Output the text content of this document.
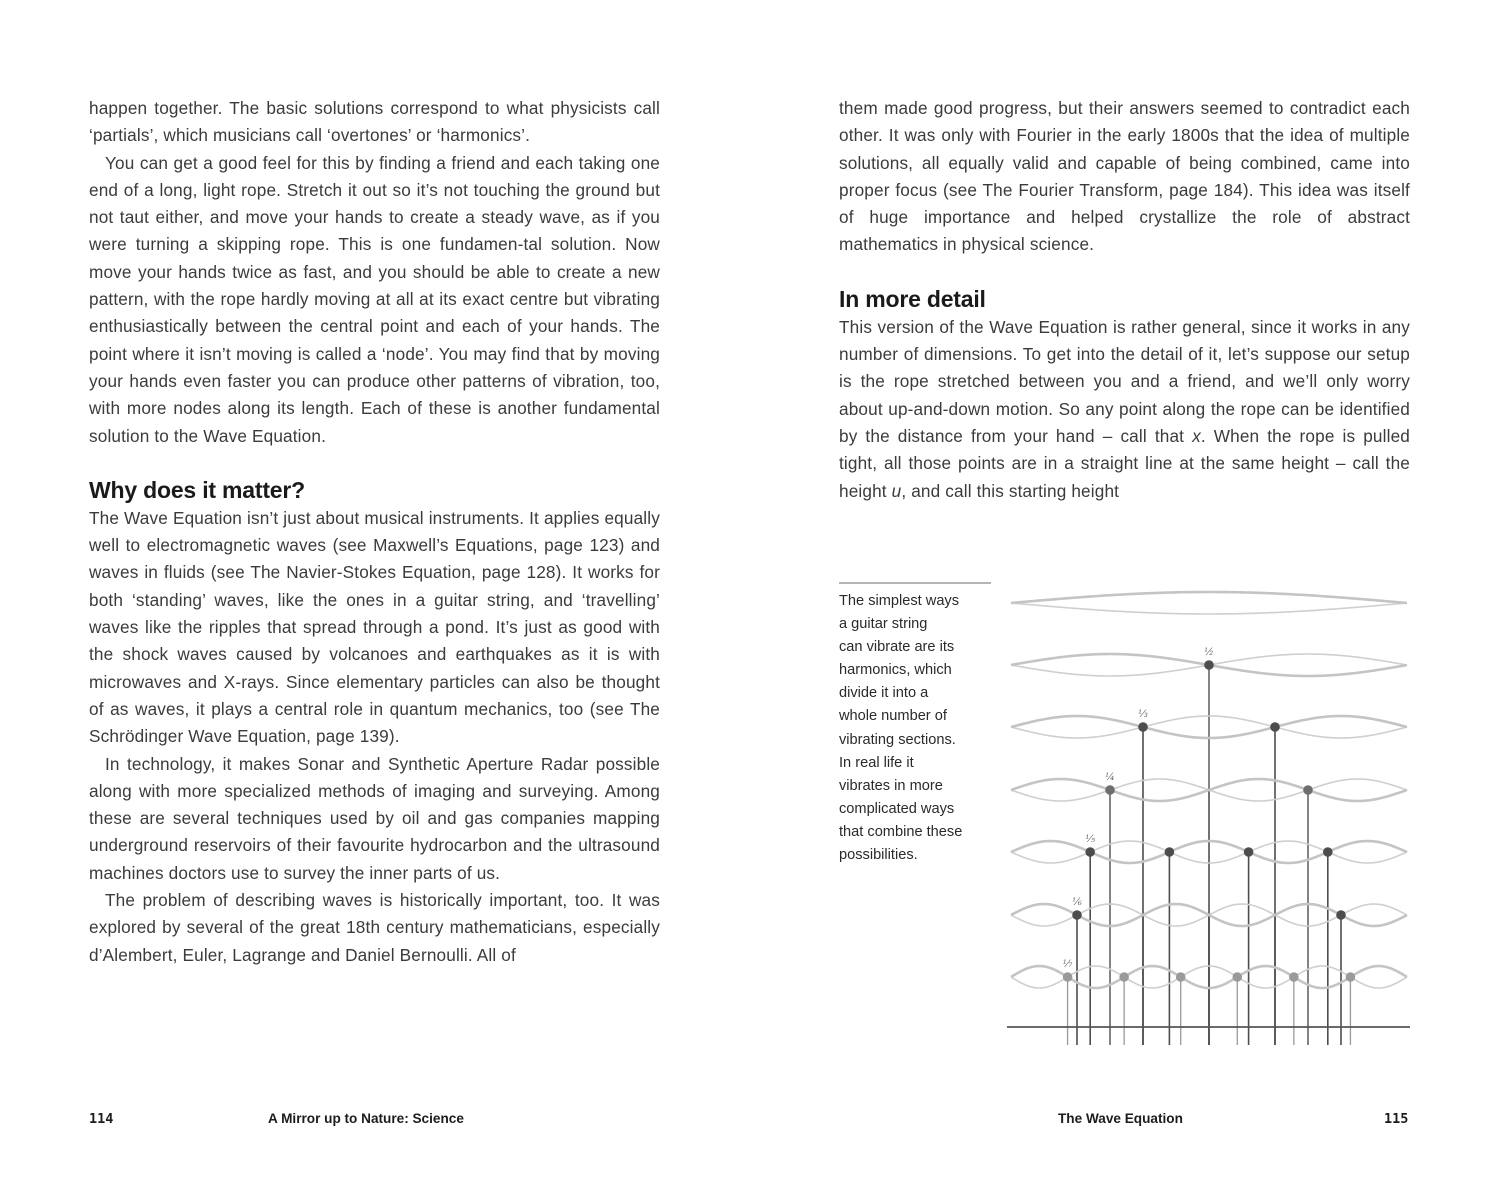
happen together. The basic solutions correspond to what physicists call ‘partials’, which musicians call ‘overtones’ or ‘harmonics’.

You can get a good feel for this by finding a friend and each taking one end of a long, light rope. Stretch it out so it’s not touching the ground but not taut either, and move your hands to create a steady wave, as if you were turning a skipping rope. This is one fundamen-tal solution. Now move your hands twice as fast, and you should be able to create a new pattern, with the rope hardly moving at all at its exact centre but vibrating enthusiastically between the central point and each of your hands. The point where it isn’t moving is called a ‘node’. You may find that by moving your hands even faster you can produce other patterns of vibration, too, with more nodes along its length. Each of these is another fundamental solution to the Wave Equation.

Why does it matter?

The Wave Equation isn’t just about musical instruments. It applies equally well to electromagnetic waves (see Maxwell’s Equations, page 123) and waves in fluids (see The Navier-Stokes Equation, page 128). It works for both ‘standing’ waves, like the ones in a guitar string, and ‘travelling’ waves like the ripples that spread through a pond. It’s just as good with the shock waves caused by volcanoes and earthquakes as it is with microwaves and X-rays. Since elementary particles can also be thought of as waves, it plays a central role in quantum mechanics, too (see The Schrödinger Wave Equation, page 139).

In technology, it makes Sonar and Synthetic Aperture Radar possible along with more specialized methods of imaging and surveying. Among these are several techniques used by oil and gas companies mapping underground reservoirs of their favourite hydrocarbon and the ultrasound machines doctors use to survey the inner parts of us.

The problem of describing waves is historically important, too. It was explored by several of the great 18th century mathematicians, especially d’Alembert, Euler, Lagrange and Daniel Bernoulli. All of

114	A Mirror up to Nature: Science

them made good progress, but their answers seemed to contradict each other. It was only with Fourier in the early 1800s that the idea of multiple solutions, all equally valid and capable of being combined, came into proper focus (see The Fourier Transform, page 184). This idea was itself of huge importance and helped crystallize the role of abstract mathematics in physical science.

In more detail

This version of the Wave Equation is rather general, since it works in any number of dimensions. To get into the detail of it, let’s suppose our setup is the rope stretched between you and a friend, and we’ll only worry about up-and-down motion. So any point along the rope can be identified by the distance from your hand – call that x. When the rope is pulled tight, all those points are in a straight line at the same height – call the height u, and call this starting height

The simplest ways
a guitar string
can vibrate are its
harmonics, which
divide it into a
whole number of
vibrating sections.
In real life it
vibrates in more
complicated ways
that combine these
possibilities.
½
⅓
¼
⅕
⅙
⅐
The Wave Equation	115
